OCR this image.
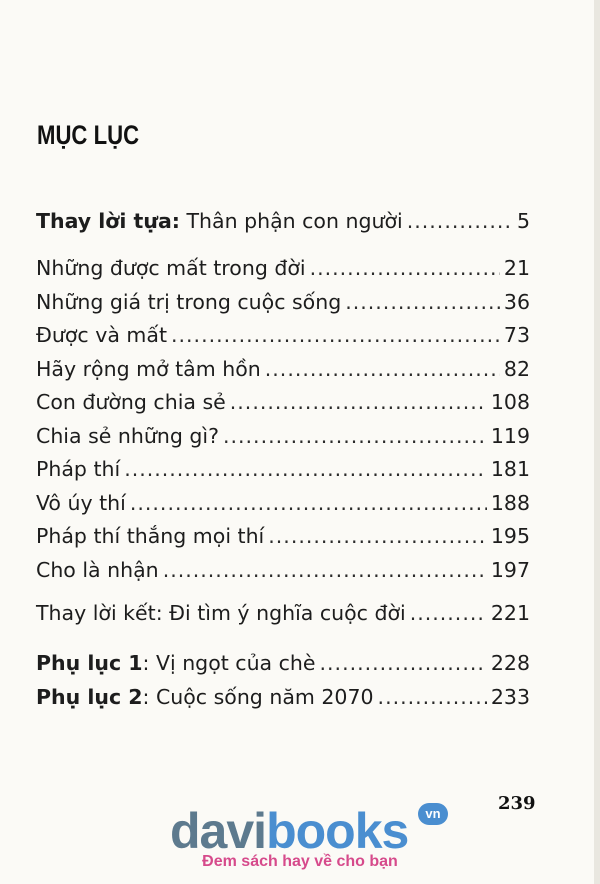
MỤC LỤC
Thay lời tựa: Thân phận con người .....	5
Những được mất trong đời .....	21
Những giá trị trong cuộc sống .....	36
Được và mất .....	73
Hãy rộng mở tâm hồn .....	82
Con đường chia sẻ .....	108
Chia sẻ những gì? .....	119
Pháp thí .....	181
Vô úy thí .....	188
Pháp thí thắng mọi thí .....	195
Cho là nhận .....	197
Thay lời kết: Đi tìm ý nghĩa cuộc đời .....	221
Phụ lục 1: Vị ngọt của chè .....	228
Phụ lục 2: Cuộc sống năm 2070 .....	233
239
davibooks	vn
Đem sách hay về cho bạn
